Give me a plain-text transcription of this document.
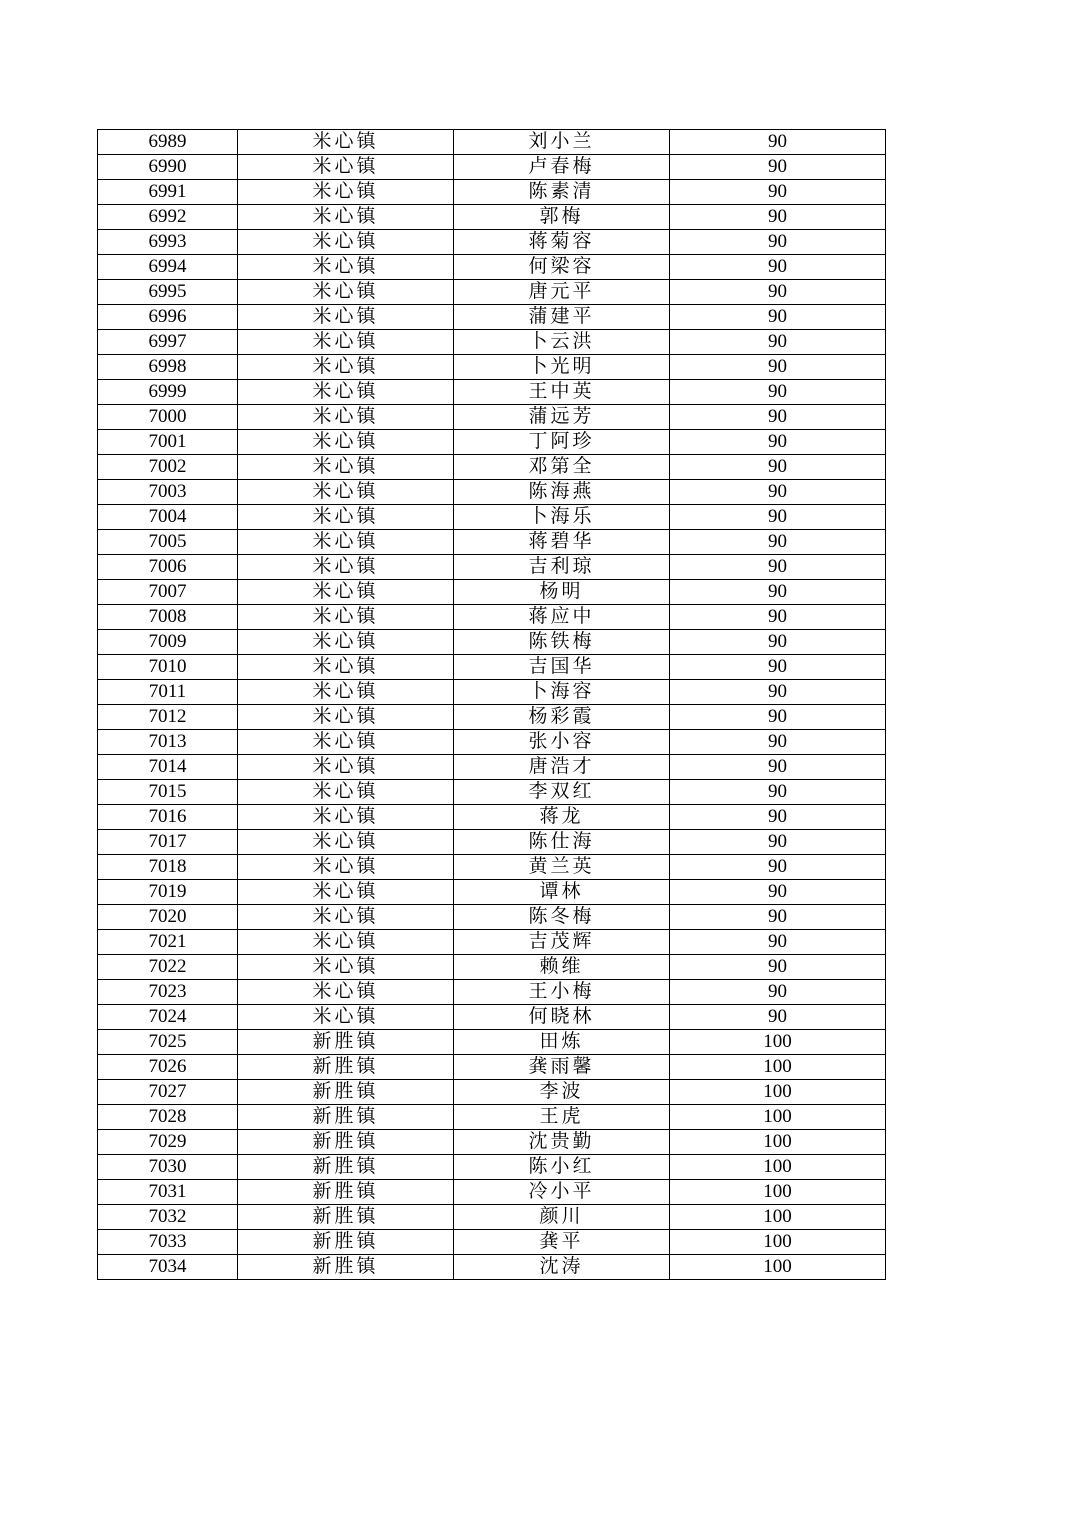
6989	米心镇	刘小兰	90
6990	米心镇	卢春梅	90
6991	米心镇	陈素清	90
6992	米心镇	郭梅	90
6993	米心镇	蒋菊容	90
6994	米心镇	何梁容	90
6995	米心镇	唐元平	90
6996	米心镇	蒲建平	90
6997	米心镇	卜云洪	90
6998	米心镇	卜光明	90
6999	米心镇	王中英	90
7000	米心镇	蒲远芳	90
7001	米心镇	丁阿珍	90
7002	米心镇	邓第全	90
7003	米心镇	陈海燕	90
7004	米心镇	卜海乐	90
7005	米心镇	蒋碧华	90
7006	米心镇	吉利琼	90
7007	米心镇	杨明	90
7008	米心镇	蒋应中	90
7009	米心镇	陈铁梅	90
7010	米心镇	吉国华	90
7011	米心镇	卜海容	90
7012	米心镇	杨彩霞	90
7013	米心镇	张小容	90
7014	米心镇	唐浩才	90
7015	米心镇	李双红	90
7016	米心镇	蒋龙	90
7017	米心镇	陈仕海	90
7018	米心镇	黄兰英	90
7019	米心镇	谭林	90
7020	米心镇	陈冬梅	90
7021	米心镇	吉茂辉	90
7022	米心镇	赖维	90
7023	米心镇	王小梅	90
7024	米心镇	何晓林	90
7025	新胜镇	田炼	100
7026	新胜镇	龚雨馨	100
7027	新胜镇	李波	100
7028	新胜镇	王虎	100
7029	新胜镇	沈贵勤	100
7030	新胜镇	陈小红	100
7031	新胜镇	冷小平	100
7032	新胜镇	颜川	100
7033	新胜镇	龚平	100
7034	新胜镇	沈涛	100
